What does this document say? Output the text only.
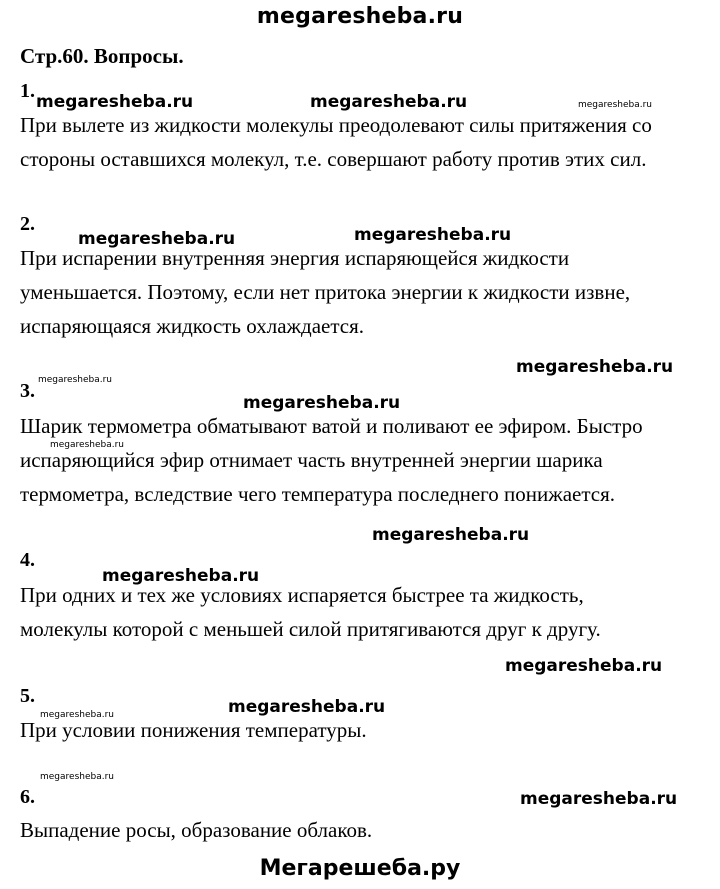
megaresheba.ru
Стр.60. Вопросы.
1.
При вылете из жидкости молекулы преодолевают силы притяжения со
стороны оставшихся молекул, т.е. совершают работу против этих сил.
2.
При испарении внутренняя энергия испаряющейся жидкости
уменьшается. Поэтому, если нет притока энергии к жидкости извне,
испаряющаяся жидкость охлаждается.
3.
Шарик термометра обматывают ватой и поливают ее эфиром. Быстро
испаряющийся эфир отнимает часть внутренней энергии шарика
термометра, вследствие чего температура последнего понижается.
4.
При одних и тех же условиях испаряется быстрее та жидкость,
молекулы которой с меньшей силой притягиваются друг к другу.
5.
При условии понижения температуры.
6.
Выпадение росы, образование облаков.
megaresheba.ru	megaresheba.ru	megaresheba.ru
megaresheba.ru	megaresheba.ru
megaresheba.ru
megaresheba.ru
megaresheba.ru
megaresheba.ru
megaresheba.ru
megaresheba.ru
megaresheba.ru
megaresheba.ru
megaresheba.ru
megaresheba.ru
megaresheba.ru
Мегарешеба.ру
